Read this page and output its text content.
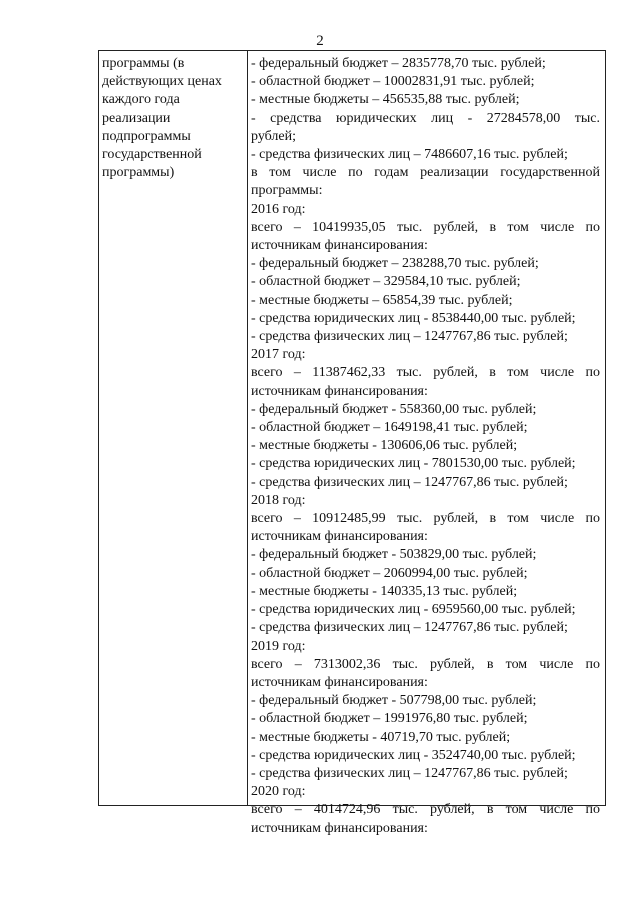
2
программы (в
действующих ценах
каждого года
реализации
подпрограммы
государственной
программы)
- федеральный бюджет – 2835778,70 тыс. рублей;
- областной бюджет – 10002831,91 тыс. рублей;
- местные бюджеты – 456535,88 тыс. рублей;
- средства юридических лиц - 27284578,00 тыс.
рублей;
- средства физических лиц – 7486607,16 тыс. рублей;
в том числе по годам реализации государственной
программы:
2016 год:
всего – 10419935,05 тыс. рублей, в том числе по
источникам финансирования:
- федеральный бюджет – 238288,70 тыс. рублей;
- областной бюджет – 329584,10 тыс. рублей;
- местные бюджеты – 65854,39 тыс. рублей;
- средства юридических лиц - 8538440,00 тыс. рублей;
- средства физических лиц – 1247767,86 тыс. рублей;
2017 год:
всего – 11387462,33 тыс. рублей, в том числе по
источникам финансирования:
- федеральный бюджет - 558360,00 тыс. рублей;
- областной бюджет – 1649198,41 тыс. рублей;
- местные бюджеты - 130606,06 тыс. рублей;
- средства юридических лиц - 7801530,00 тыс. рублей;
- средства физических лиц – 1247767,86 тыс. рублей;
2018 год:
всего – 10912485,99 тыс. рублей, в том числе по
источникам финансирования:
- федеральный бюджет - 503829,00 тыс. рублей;
- областной бюджет – 2060994,00 тыс. рублей;
- местные бюджеты - 140335,13 тыс. рублей;
- средства юридических лиц - 6959560,00 тыс. рублей;
- средства физических лиц – 1247767,86 тыс. рублей;
2019 год:
всего – 7313002,36 тыс. рублей, в том числе по
источникам финансирования:
- федеральный бюджет - 507798,00 тыс. рублей;
- областной бюджет – 1991976,80 тыс. рублей;
- местные бюджеты - 40719,70 тыс. рублей;
- средства юридических лиц - 3524740,00 тыс. рублей;
- средства физических лиц – 1247767,86 тыс. рублей;
2020 год:
всего – 4014724,96 тыс. рублей, в том числе по
источникам финансирования:
